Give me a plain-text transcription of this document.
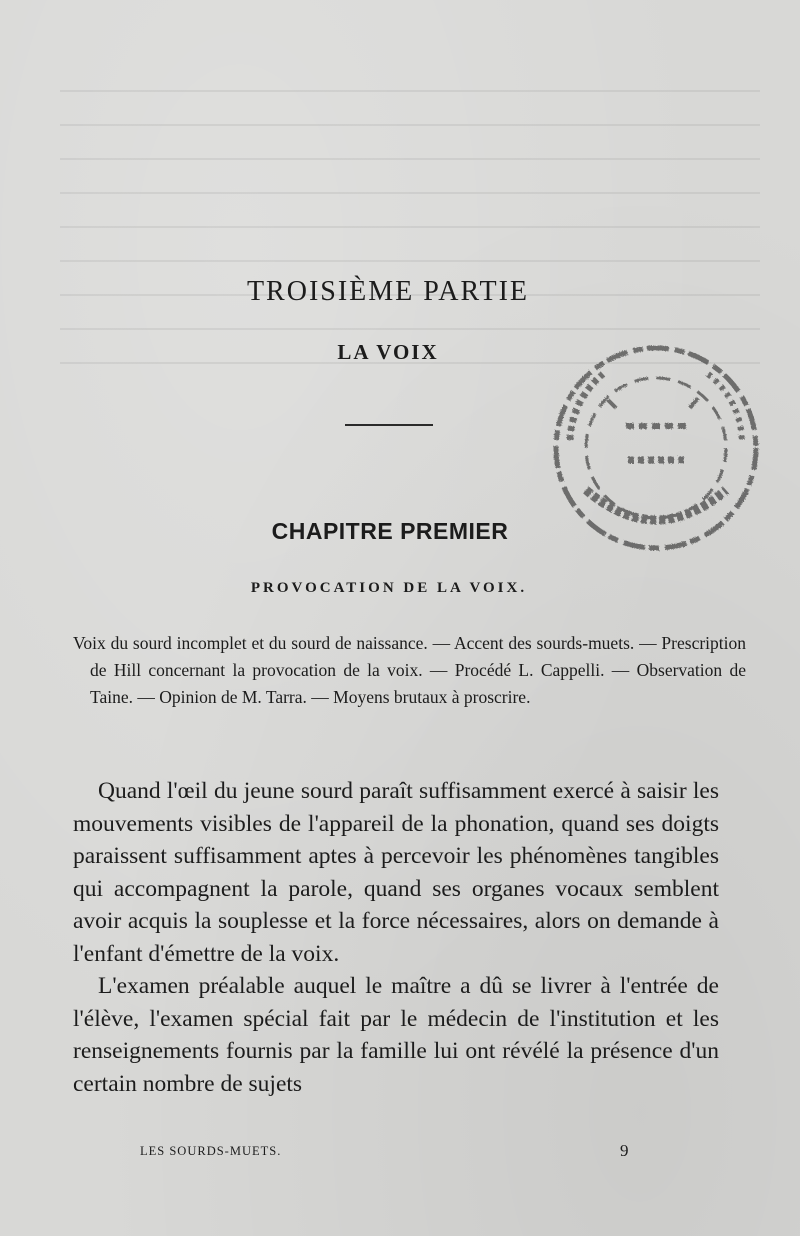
TROISIÈME PARTIE
LA VOIX
CHAPITRE PREMIER
PROVOCATION DE LA VOIX.

Voix du sourd incomplet et du sourd de naissance. — Accent des sourds-muets. — Prescription de Hill concernant la provocation de la voix. — Procédé L. Cappelli. — Observation de Taine. — Opinion de M. Tarra. — Moyens brutaux à proscrire.

Quand l'œil du jeune sourd paraît suffisamment exercé à saisir les mouvements visibles de l'appareil de la phonation, quand ses doigts paraissent suffisamment aptes à percevoir les phénomènes tangibles qui accompagnent la parole, quand ses organes vocaux semblent avoir acquis la souplesse et la force nécessaires, alors on demande à l'enfant d'émettre de la voix.

L'examen préalable auquel le maître a dû se livrer à l'entrée de l'élève, l'examen spécial fait par le médecin de l'institution et les renseignements fournis par la famille lui ont révélé la présence d'un certain nombre de sujets

LES SOURDS-MUETS.	9
